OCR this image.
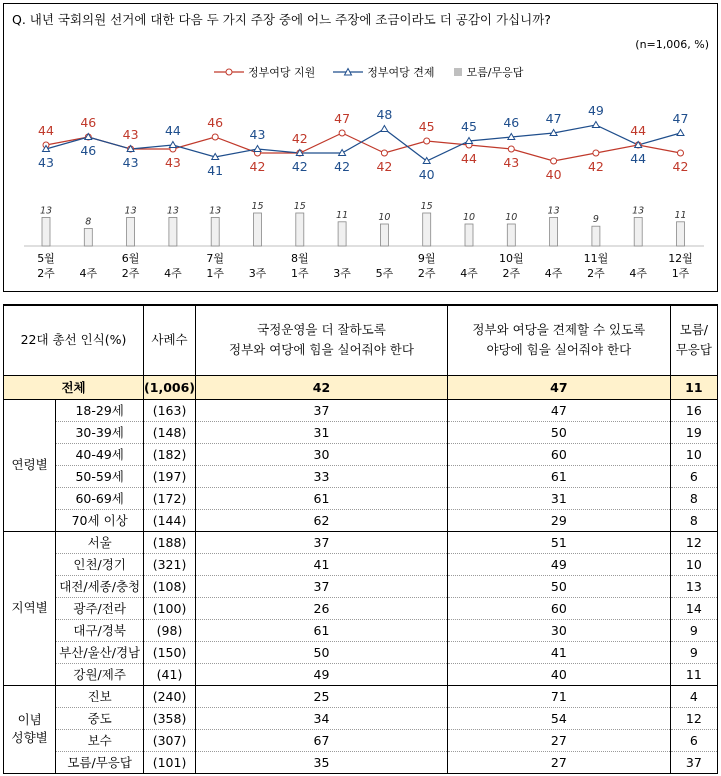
Q. 내년 국회의원 선거에 대한 다음 두 가지 주장 중에 어느 주장에 조금이라도 더 공감이 가십니까?
(n=1,006, %)
정부여당 지원	정부여당 견제	모름/무응답
13
8
13	13	13	15	15
11	10
15
10	10
13
9
13	11
44
46
43
43
46
42
42
47
42
45
44 43
40
42
44
42
43
46
43
44
41
43
42 42
48
40
45 46 47
49
44
47
5월
2주 4주
6월
2주 4주
7월
1주 3주
8월
1주 3주 5주
9월
2주 4주
10월
2주 4주
11월
2주 4주
12월
1주
22대 총선 인식(%)		사례수	국정운영을 더 잘하도록
정부와 여당에 힘을 실어줘야 한다	정부와 여당을 견제할 수 있도록
야당에 힘을 실어줘야 한다	모름/
무응답
전체		(1,006)	42	47	11
연령별	18-29세	(163)	37	47	16
	30-39세	(148)	31	50	19
	40-49세	(182)	30	60	10
	50-59세	(197)	33	61	6
	60-69세	(172)	61	31	8
	70세 이상	(144)	62	29	8
지역별	서울	(188)	37	51	12
	인천/경기	(321)	41	49	10
	대전/세종/충청	(108)	37	50	13
	광주/전라	(100)	26	60	14
	대구/경북	(98)	61	30	9
	부산/울산/경남	(150)	50	41	9
	강원/제주	(41)	49	40	11
이념
성향별	진보	(240)	25	71	4
	중도	(358)	34	54	12
	보수	(307)	67	27	6
	모름/무응답	(101)	35	27	37
